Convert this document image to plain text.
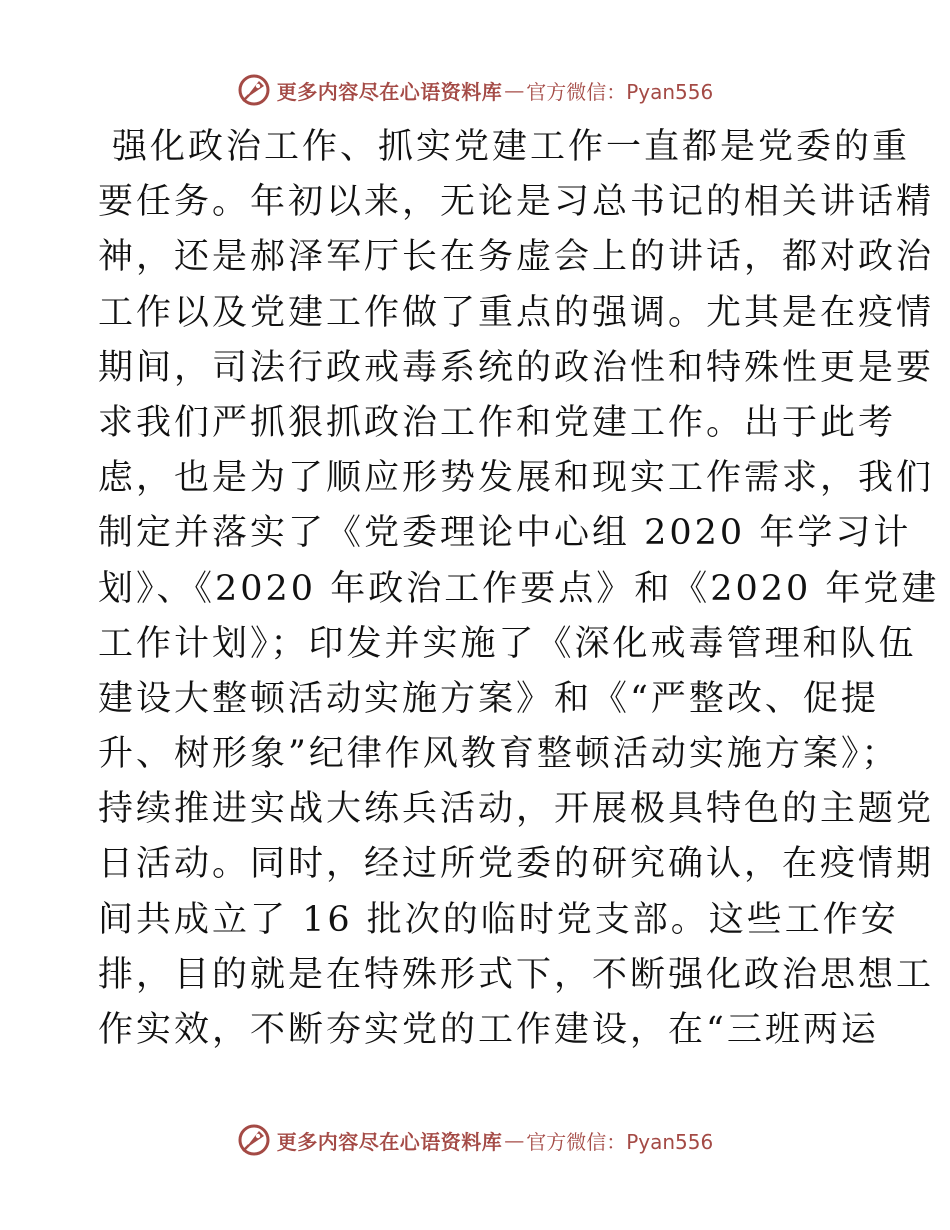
更多内容尽在心语资料库 — 官方微信：Pyan556
强化政治工作、抓实党建工作一直都是党委的重
要任务。年初以来，无论是习总书记的相关讲话精
神，还是郝泽军厅长在务虚会上的讲话，都对政治
工作以及党建工作做了重点的强调。尤其是在疫情
期间，司法行政戒毒系统的政治性和特殊性更是要
求我们严抓狠抓政治工作和党建工作。出于此考
虑，也是为了顺应形势发展和现实工作需求，我们
制定并落实了《党委理论中心组 2020 年学习计
划》、《2020 年政治工作要点》和《2020 年党建
工作计划》；印发并实施了《深化戒毒管理和队伍
建设大整顿活动实施方案》和《“严整改、促提
升、树形象”纪律作风教育整顿活动实施方案》；
持续推进实战大练兵活动，开展极具特色的主题党
日活动。同时，经过所党委的研究确认，在疫情期
间共成立了 16 批次的临时党支部。这些工作安
排，目的就是在特殊形式下，不断强化政治思想工
作实效，不断夯实党的工作建设，在“三班两运
更多内容尽在心语资料库 — 官方微信：Pyan556
